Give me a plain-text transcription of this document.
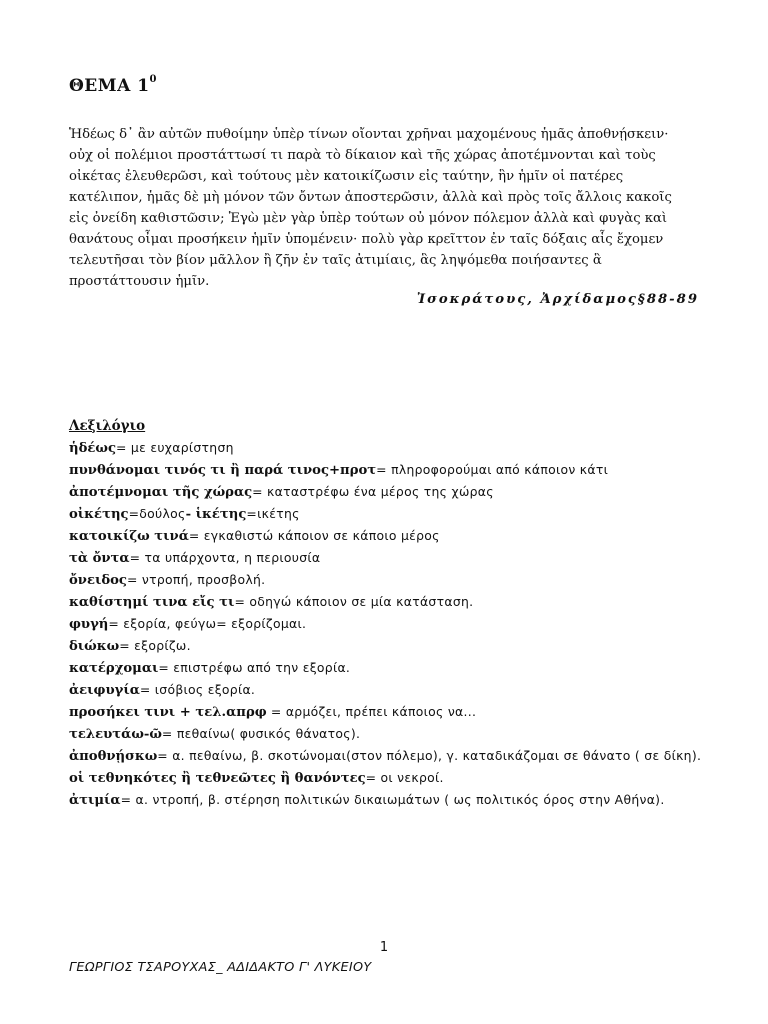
ΘΕΜΑ $1^0$
Ἡδέως δ᾽ ἂν αὐτῶν πυθοίμην ὑπὲρ τίνων οἴονται χρῆναι μαχομένους ἡμᾶς ἀποθνῄσκειν·
οὐχ οἱ πολέμιοι προστάττωσί τι παρὰ τὸ δίκαιον καὶ τῆς χώρας ἀποτέμνονται καὶ τοὺς
οἰκέτας ἐλευθερῶσι, καὶ τούτους μὲν κατοικίζωσιν εἰς ταύτην, ἣν ἡμῖν οἱ πατέρες
κατέλιπον, ἡμᾶς δὲ μὴ μόνον τῶν ὄντων ἀποστερῶσιν, ἀλλὰ καὶ πρὸς τοῖς ἄλλοις κακοῖς
εἰς ὀνείδη καθιστῶσιν; Ἐγὼ μὲν γὰρ ὑπὲρ τούτων οὐ μόνον πόλεμον ἀλλὰ καὶ φυγὰς καὶ
θανάτους οἶμαι προσήκειν ἡμῖν ὑπομένειν· πολὺ γὰρ κρεῖττον ἐν ταῖς δόξαις αἷς ἔχομεν
τελευτῆσαι τὸν βίον μᾶλλον ἢ ζῆν ἐν ταῖς ἀτιμίαις, ἃς ληψόμεθα ποιήσαντες ἃ
προστάττουσιν ἡμῖν.
Ἰσοκράτους, Ἀρχίδαμος§88-89
Λεξιλόγιο
ἡδέως= με ευχαρίστηση
πυνθάνομαι τινός τι ἢ παρά τινος+προτ= πληροφορούμαι από κάποιον κάτι
ἀποτέμνομαι τῆς χώρας= καταστρέφω ένα μέρος της χώρας
οἰκέτης=δούλος- ἱκέτης=ικέτης
κατοικίζω τινά= εγκαθιστώ κάποιον σε κάποιο μέρος
τὰ ὄντα= τα υπάρχοντα, η περιουσία
ὄνειδος= ντροπή, προσβολή.
καθίστημί τινα εἴς τι= οδηγώ κάποιον σε μία κατάσταση.
φυγή= εξορία, φεύγω= εξορίζομαι.
διώκω= εξορίζω.
κατέρχομαι= επιστρέφω από την εξορία.
ἀειφυγία= ισόβιος εξορία.
προσήκει τινι + τελ.απρφ = αρμόζει, πρέπει κάποιος να...
τελευτάω-ῶ= πεθαίνω( φυσικός θάνατος).
ἀποθνῄσκω= α. πεθαίνω, β. σκοτώνομαι(στον πόλεμο), γ. καταδικάζομαι σε θάνατο ( σε δίκη).
οἱ τεθνηκότες ἢ τεθνεῶτες ἢ θανόντες= οι νεκροί.
ἀτιμία= α. ντροπή, β. στέρηση πολιτικών δικαιωμάτων ( ως πολιτικός όρος στην Αθήνα).
1
ΓΕΩΡΓΙΟΣ ΤΣΑΡΟΥΧΑΣ_ ΑΔΙΔΑΚΤΟ Γ' ΛΥΚΕΙΟΥ
